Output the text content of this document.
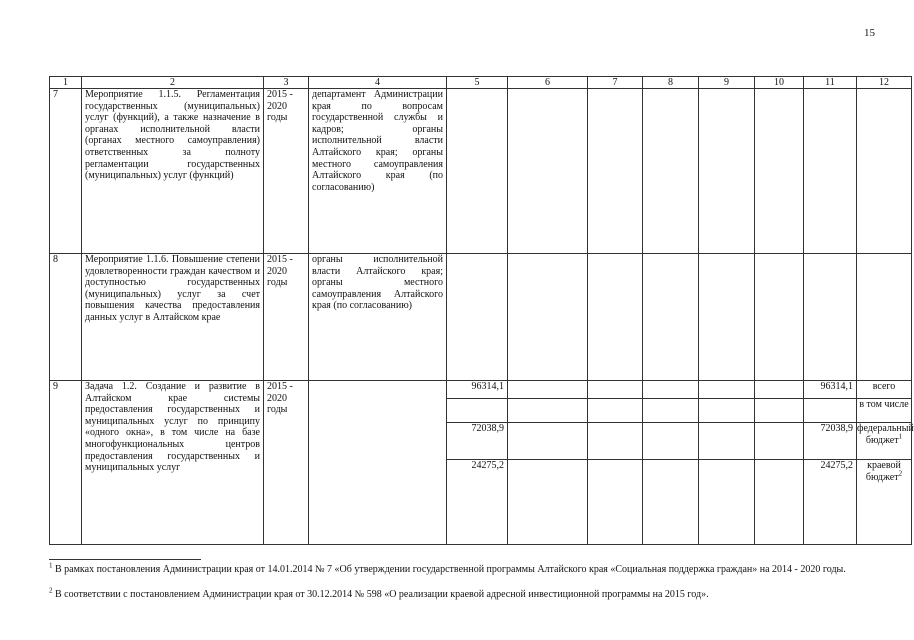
15
1	2	3	4	5	6	7	8	9	10	11	12
7	Мероприятие 1.1.5. Регламентация государственных (муниципальных) услуг (функций), а также назначение в органах исполнительной власти (органах местного самоуправления) ответственных за полноту регламентации государственных (муниципальных) услуг (функций)	2015 - 2020 годы	департамент Администрации края по вопросам государственной службы и кадров; органы исполнительной власти Алтайского края; органы местного самоуправления Алтайского края (по согласованию)								
8	Мероприятие 1.1.6. Повышение степени удовлетворенности граждан качеством и доступностью государственных (муниципальных) услуг за счет повышения качества предоставления данных услуг в Алтайском крае	2015 - 2020 годы	органы исполнительной власти Алтайского края; органы местного самоуправления Алтайского края (по согласованию)								
9	Задача 1.2. Создание и развитие в Алтайском крае системы предоставления государственных и муниципальных услуг по принципу «одного окна», в том числе на базе многофункциональных центров предоставления государственных и муниципальных услуг	2015 - 2020 годы		96314,1						96314,1	всего
											в том числе
				72038,9						72038,9	федеральный бюджет$^1$
				24275,2						24275,2	краевой бюджет$^2$
$^1$ В рамках постановления Администрации края от 14.01.2014 № 7 «Об утверждении государственной программы Алтайского края «Социальная поддержка граждан» на 2014 - 2020 годы.
$^2$ В соответствии с постановлением Администрации края от 30.12.2014 № 598 «О реализации краевой адресной инвестиционной программы на 2015 год».
